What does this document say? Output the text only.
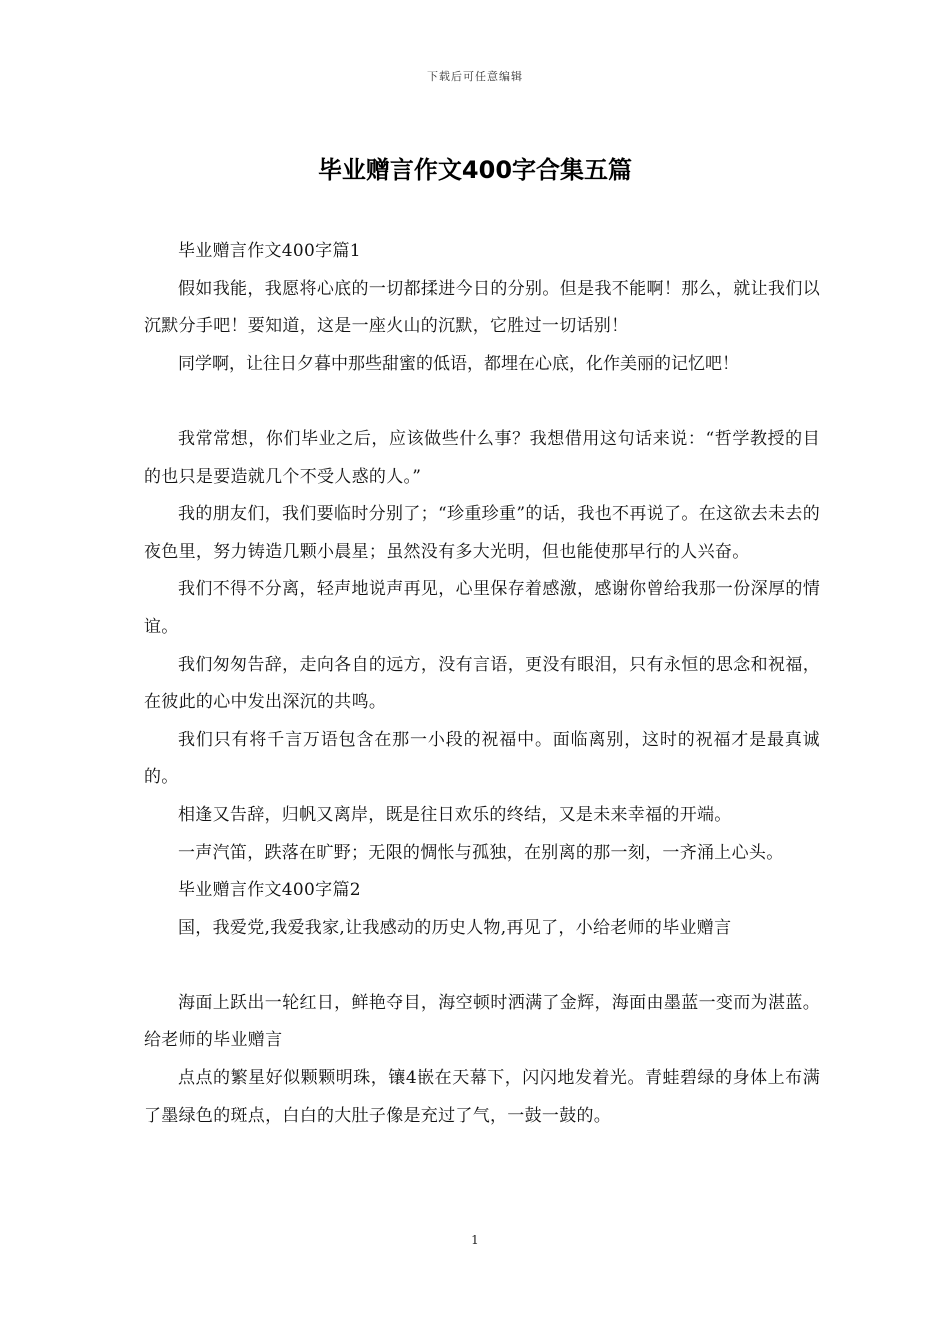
下载后可任意编辑
毕业赠言作文400字合集五篇

毕业赠言作文400字篇1

假如我能，我愿将心底的一切都揉进今日的分别。但是我不能啊！那么，就让我们以沉默分手吧！要知道，这是一座火山的沉默，它胜过一切话别！

同学啊，让往日夕暮中那些甜蜜的低语，都埋在心底，化作美丽的记忆吧！

我常常想，你们毕业之后，应该做些什么事？我想借用这句话来说：“哲学教授的目的也只是要造就几个不受人惑的人。”

我的朋友们，我们要临时分别了；“珍重珍重”的话，我也不再说了。在这欲去未去的夜色里，努力铸造几颗小晨星；虽然没有多大光明，但也能使那早行的人兴奋。

我们不得不分离，轻声地说声再见，心里保存着感激，感谢你曾给我那一份深厚的情谊。

我们匆匆告辞，走向各自的远方，没有言语，更没有眼泪，只有永恒的思念和祝福，在彼此的心中发出深沉的共鸣。

我们只有将千言万语包含在那一小段的祝福中。面临离别，这时的祝福才是最真诚的。

相逢又告辞，归帆又离岸，既是往日欢乐的终结，又是未来幸福的开端。

一声汽笛，跌落在旷野；无限的惆怅与孤独，在别离的那一刻，一齐涌上心头。

毕业赠言作文400字篇2

国，我爱党,我爱我家,让我感动的历史人物,再见了，小给老师的毕业赠言

海面上跃出一轮红日，鲜艳夺目，海空顿时洒满了金辉，海面由墨蓝一变而为湛蓝。给老师的毕业赠言

点点的繁星好似颗颗明珠，镶4嵌在天幕下，闪闪地发着光。青蛙碧绿的身体上布满了墨绿色的斑点，白白的大肚子像是充过了气，一鼓一鼓的。

1
